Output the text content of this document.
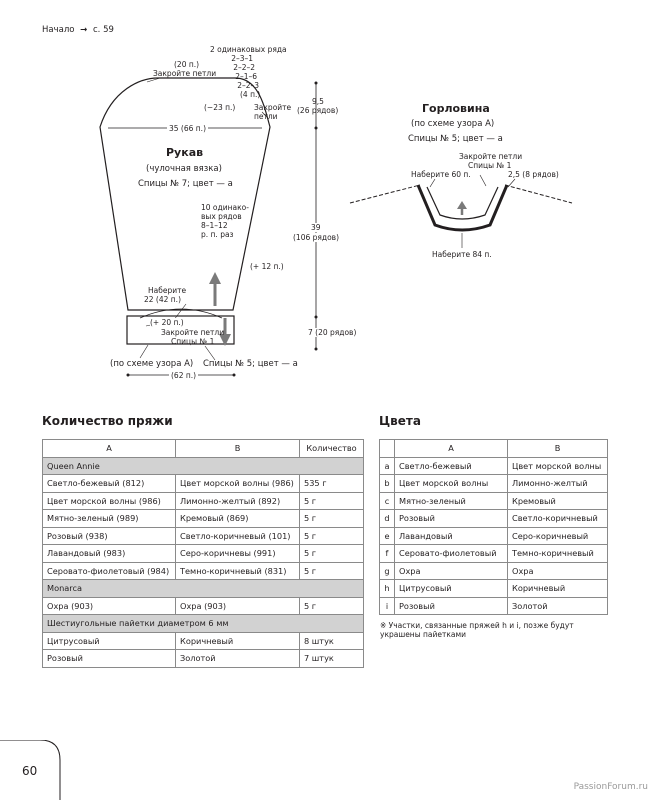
Начало → с. 59
(20 п.)
Закройте петли
2 одинаковых ряда
2–3–1
2–2–2
2–1–6
2–2–3
(4 п.)
(−23 п.) Закройте петли
35 (66 п.)
Рукав
(чулочная вязка)
Спицы № 7; цвет — а
10 одинако-
вых рядов
8–1–12
р. п. раз
(+ 12 п.)
Наберите
22 (42 п.)
(+ 20 п.)
Закройте петли
Спицы № 1
(по схеме узора А) Спицы № 5; цвет — а
(62 п.)
9,5
(26 рядов)
39
(106 рядов)
7 (20 рядов)
Горловина
(по схеме узора А)
Спицы № 5; цвет — а
Закройте петли
Спицы № 1
Наберите 60 п.	2,5 (8 рядов)
Наберите 84 п.
Количество пряжи
А	В	Количество
Queen Annie		
Светло-бежевый (812)	Цвет морской волны (986)	535 г
Цвет морской волны (986)	Лимонно-желтый (892)	5 г
Мятно-зеленый (989)	Кремовый (869)	5 г
Розовый (938)	Светло-коричневый (101)	5 г
Лавандовый (983)	Серо-коричневы (991)	5 г
Серовато-фиолетовый (984)	Темно-коричневый (831)	5 г
Monarca		
Охра (903)	Охра (903)	5 г
Шестиугольные пайетки диаметром 6 мм		
Цитрусовый	Коричневый	8 штук
Розовый	Золотой	7 штук
Цвета
	А	В
a	Светло-бежевый	Цвет морской волны
b	Цвет морской волны	Лимонно-желтый
c	Мятно-зеленый	Кремовый
d	Розовый	Светло-коричневый
e	Лавандовый	Серо-коричневый
f	Серовато-фиолетовый	Темно-коричневый
g	Охра	Охра
h	Цитрусовый	Коричневый
i	Розовый	Золотой
※ Участки, связанные пряжей h и i, позже будут
украшены пайетками
60
PassionForum.ru
